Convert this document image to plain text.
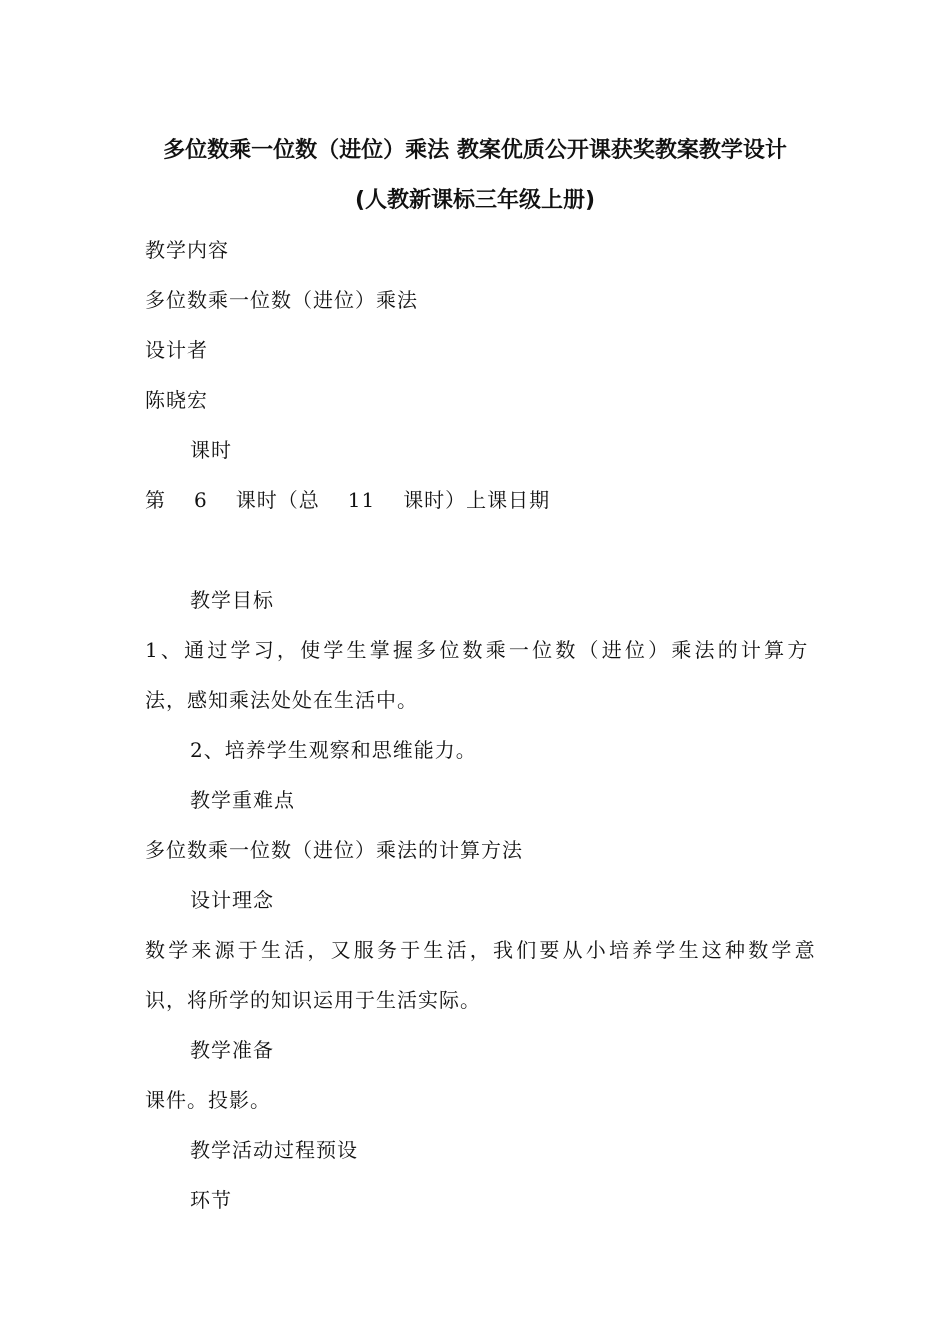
多位数乘一位数（进位）乘法 教案优质公开课获奖教案教学设计
(人教新课标三年级上册)
教学内容
多位数乘一位数（进位）乘法
设计者
陈晓宏
课时
第 6 课时（总 11 课时）上课日期
教学目标
1、通过学习，使学生掌握多位数乘一位数（进位）乘法的计算方
法，感知乘法处处在生活中。
2、培养学生观察和思维能力。
教学重难点
多位数乘一位数（进位）乘法的计算方法
设计理念
数学来源于生活，又服务于生活，我们要从小培养学生这种数学意
识，将所学的知识运用于生活实际。
教学准备
课件。投影。
教学活动过程预设
环节
